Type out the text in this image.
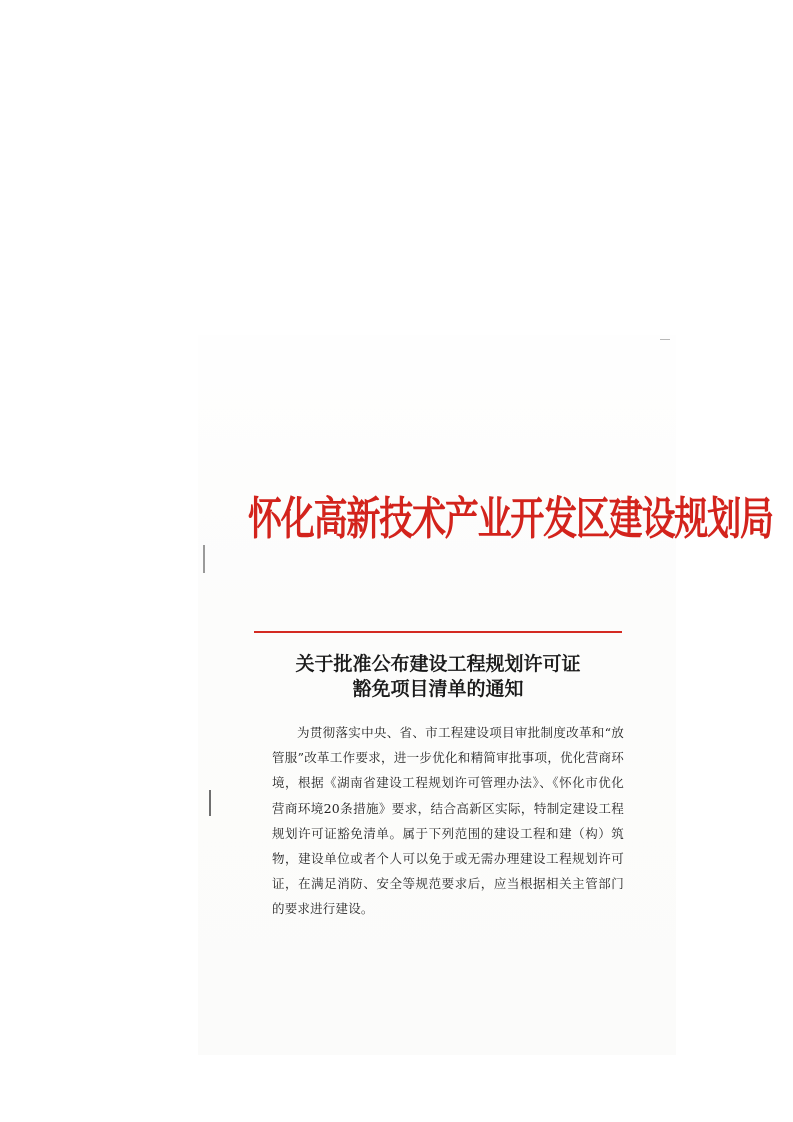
怀化高新技术产业开发区建设规划局
关于批准公布建设工程规划许可证
豁免项目清单的通知
为贯彻落实中央、省、市工程建设项目审批制度改革和“放管服”改革工作要求，进一步优化和精简审批事项，优化营商环境，根据《湖南省建设工程规划许可管理办法》、《怀化市优化营商环境20条措施》要求，结合高新区实际，特制定建设工程规划许可证豁免清单。属于下列范围的建设工程和建（构）筑物，建设单位或者个人可以免于或无需办理建设工程规划许可证，在满足消防、安全等规范要求后，应当根据相关主管部门的要求进行建设。
